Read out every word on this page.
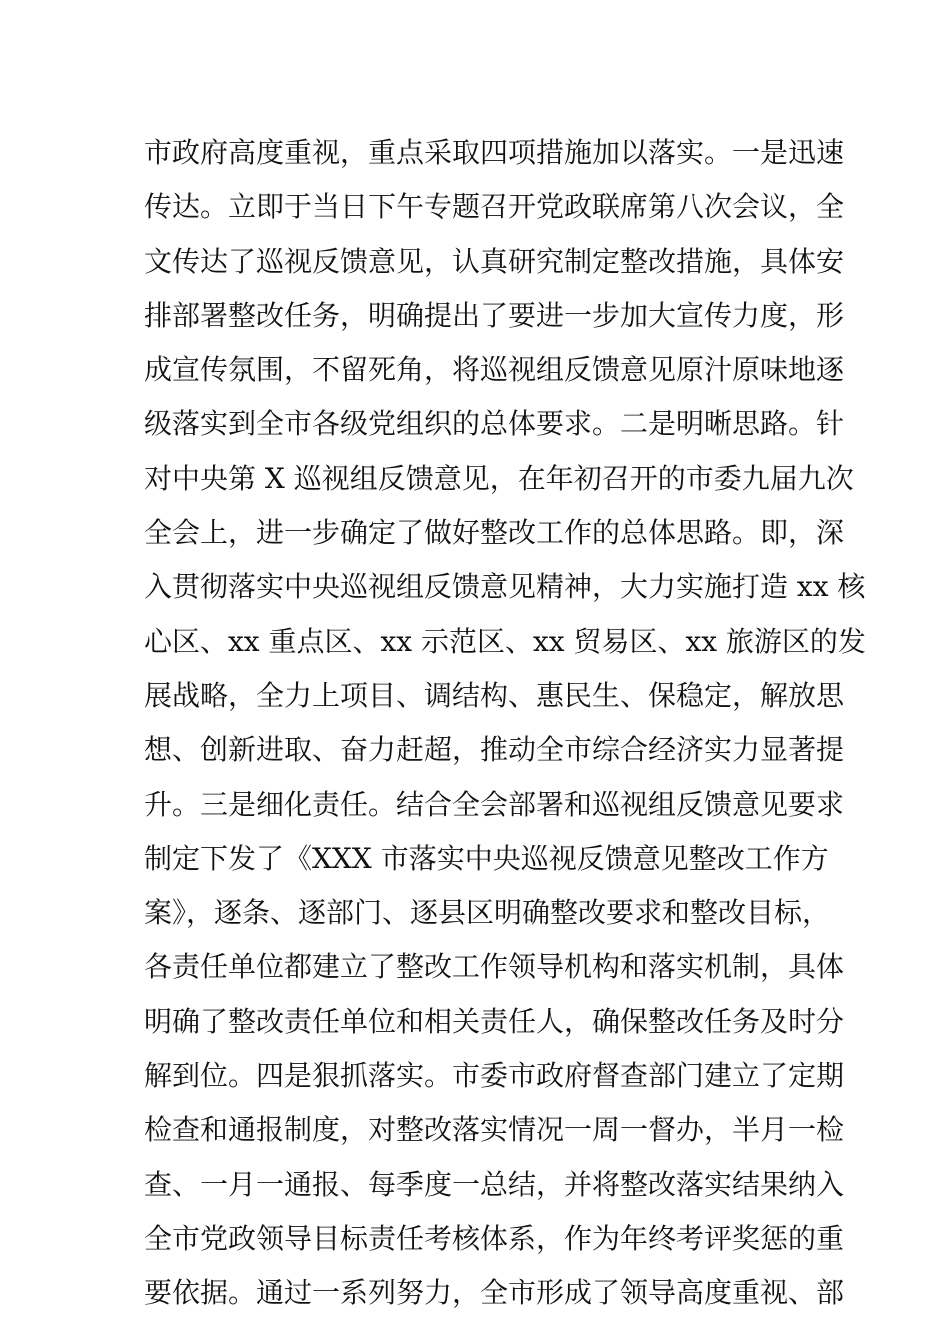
市政府高度重视，重点采取四项措施加以落实。一是迅速
传达。立即于当日下午专题召开党政联席第八次会议，全
文传达了巡视反馈意见，认真研究制定整改措施，具体安
排部署整改任务，明确提出了要进一步加大宣传力度，形
成宣传氛围，不留死角，将巡视组反馈意见原汁原味地逐
级落实到全市各级党组织的总体要求。二是明晰思路。针
对中央第 X 巡视组反馈意见，在年初召开的市委九届九次
全会上，进一步确定了做好整改工作的总体思路。即，深
入贯彻落实中央巡视组反馈意见精神，大力实施打造 xx 核
心区、xx 重点区、xx 示范区、xx 贸易区、xx 旅游区的发
展战略，全力上项目、调结构、惠民生、保稳定，解放思
想、创新进取、奋力赶超，推动全市综合经济实力显著提
升。三是细化责任。结合全会部署和巡视组反馈意见要求
制定下发了《XXX 市落实中央巡视反馈意见整改工作方
案》，逐条、逐部门、逐县区明确整改要求和整改目标，
各责任单位都建立了整改工作领导机构和落实机制，具体
明确了整改责任单位和相关责任人，确保整改任务及时分
解到位。四是狠抓落实。市委市政府督查部门建立了定期
检查和通报制度，对整改落实情况一周一督办，半月一检
查、一月一通报、每季度一总结，并将整改落实结果纳入
全市党政领导目标责任考核体系，作为年终考评奖惩的重
要依据。通过一系列努力，全市形成了领导高度重视、部
